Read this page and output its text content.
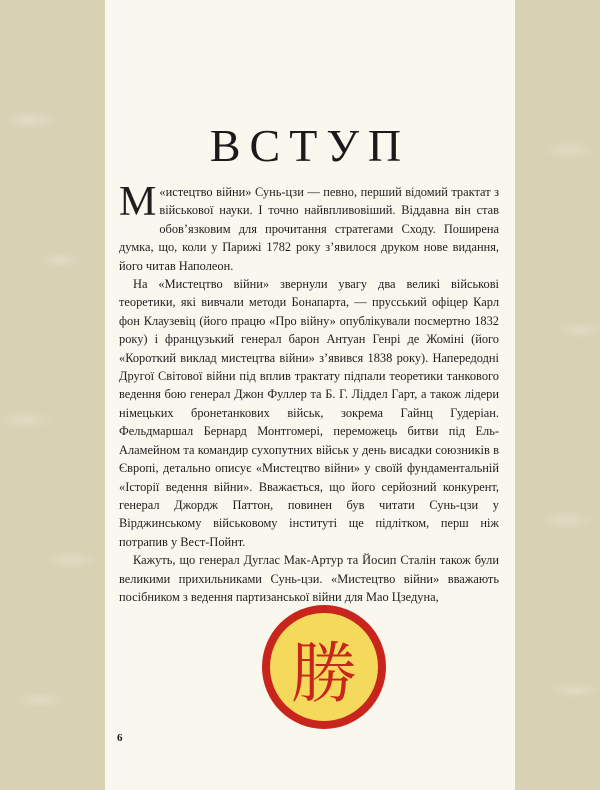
ВСТУП

«
М истецтво війни» Сунь-цзи — певно, перший відомий трактат з військової науки. І точно найвпливовіший. Віддавна він став обов’язковим для прочитання стратегами Сходу. Поширена думка, що, коли у Парижі 1782 року з’явилося друком нове видання, його читав Наполеон.

На «Мистецтво війни» звернули увагу два великі військові теоретики, які вивчали методи Бонапарта, — прусський офіцер Карл фон Клаузевіц (його працю «Про війну» опублікували посмертно 1832 року) і французький генерал барон Антуан Генрі де Жоміні (його «Короткий виклад мистецтва війни» з’явився 1838 року). Напередодні Другої Світової війни під вплив трактату підпали теоретики танкового ведення бою генерал Джон Фуллер та Б. Г. Ліддел Гарт, а також лідери німецьких бронетанкових військ, зокрема Гайнц Гудеріан. Фельдмаршал Бернард Монтгомері, переможець битви під Ель-Аламейном та командир сухопутних військ у день висадки союзників в Європі, детально описує «Мистецтво війни» у своїй фундаментальній «Історії ведення війни». Вважається, що його серйозний конкурент, генерал Джордж Паттон, повинен був читати Сунь-цзи у Вірджинському військовому інституті ще підлітком, перш ніж потрапив у Вест-Пойнт.

Кажуть, що генерал Дуглас Мак-Артур та Йосип Сталін також були великими прихильниками Сунь-цзи. «Мистецтво війни» вважають посібником з ведення партизанської війни для Мао Цзедуна,

勝
6
